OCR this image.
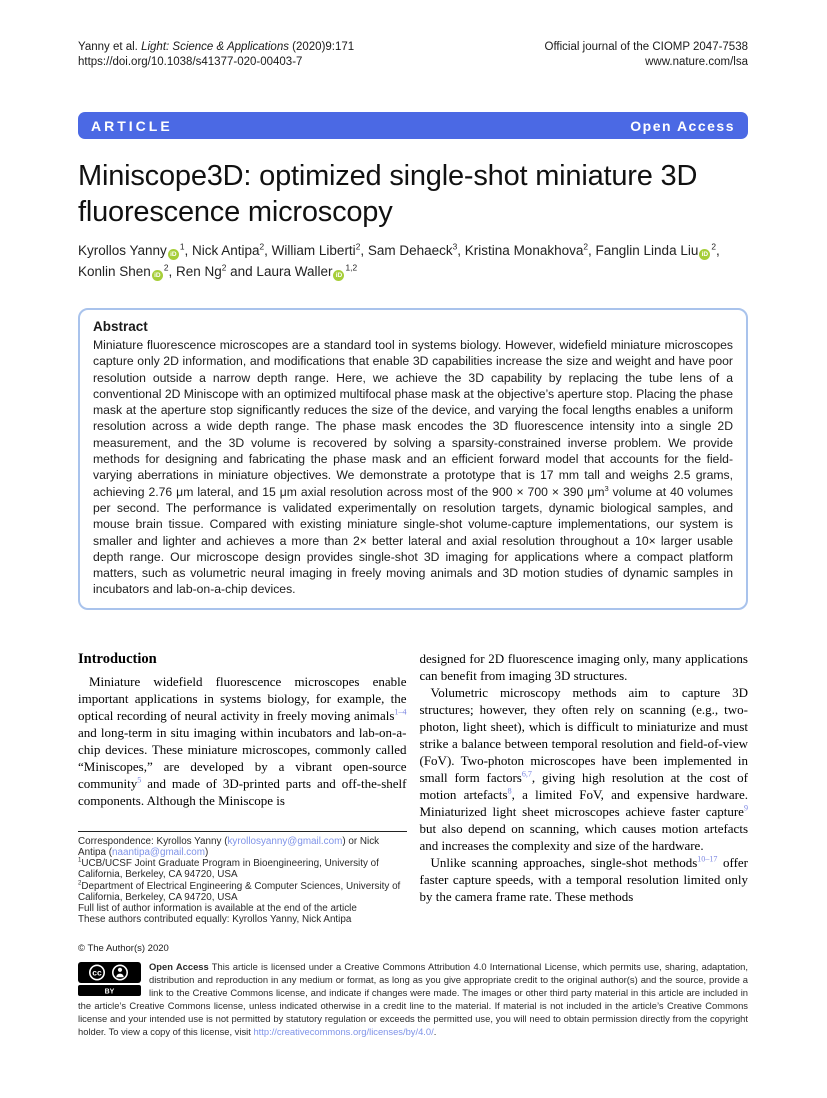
Yanny et al. Light: Science & Applications (2020)9:171
https://doi.org/10.1038/s41377-020-00403-7
Official journal of the CIOMP 2047-7538
www.nature.com/lsa
ARTICLE	Open Access
Miniscope3D: optimized single-shot miniature 3D fluorescence microscopy
Kyrollos Yanny $iD^1$, Nick Antipa$^2$, William Liberti$^2$, Sam Dehaeck$^3$, Kristina Monakhova$^2$, Fanglin Linda Liu $iD^2$, Konlin Shen $iD^2$, Ren Ng$^2$ and Laura Waller iD$^{1,2}$
Abstract
Miniature fluorescence microscopes are a standard tool in systems biology. However, widefield miniature microscopes capture only 2D information, and modifications that enable 3D capabilities increase the size and weight and have poor resolution outside a narrow depth range. Here, we achieve the 3D capability by replacing the tube lens of a conventional 2D Miniscope with an optimized multifocal phase mask at the objective’s aperture stop. Placing the phase mask at the aperture stop significantly reduces the size of the device, and varying the focal lengths enables a uniform resolution across a wide depth range. The phase mask encodes the 3D fluorescence intensity into a single 2D measurement, and the 3D volume is recovered by solving a sparsity-constrained inverse problem. We provide methods for designing and fabricating the phase mask and an efficient forward model that accounts for the field-varying aberrations in miniature objectives. We demonstrate a prototype that is 17 mm tall and weighs 2.5 grams, achieving 2.76 μm lateral, and 15 μm axial resolution across most of the 900 × 700 × 390 $\mu m^3$ volume at 40 volumes per second. The performance is validated experimentally on resolution targets, dynamic biological samples, and mouse brain tissue. Compared with existing miniature single-shot volume-capture implementations, our system is smaller and lighter and achieves a more than 2× better lateral and axial resolution throughout a 10× larger usable depth range. Our microscope design provides single-shot 3D imaging for applications where a compact platform matters, such as volumetric neural imaging in freely moving animals and 3D motion studies of dynamic samples in incubators and lab-on-a-chip devices.
Introduction

Miniature widefield fluorescence microscopes enable important applications in systems biology, for example, the optical recording of neural activity in freely moving animals$^{1-4}$ and long-term in situ imaging within incubators and lab-on-a-chip devices. These miniature microscopes, commonly called “Miniscopes,” are developed by a vibrant open-source community$^5$ and made of 3D-printed parts and off-the-shelf components. Although the Miniscope is

Correspondence: Kyrollos Yanny (kyrollosyanny@gmail.com) or Nick Antipa (naantipa@gmail.com)
$^1$UCB/UCSF Joint Graduate Program in Bioengineering, University of California, Berkeley, CA 94720, USA
$^2$Department of Electrical Engineering & Computer Sciences, University of California, Berkeley, CA 94720, USA
Full list of author information is available at the end of the article
These authors contributed equally: Kyrollos Yanny, Nick Antipa

designed for 2D fluorescence imaging only, many applications can benefit from imaging 3D structures.

Volumetric microscopy methods aim to capture 3D structures; however, they often rely on scanning (e.g., two-photon, light sheet), which is difficult to miniaturize and must strike a balance between temporal resolution and field-of-view (FoV). Two-photon microscopes have been implemented in small form factors$^{6,7}$, giving high resolution at the cost of motion artefacts$^8$, a limited FoV, and expensive hardware. Miniaturized light sheet microscopes achieve faster capture$^9$ but also depend on scanning, which causes motion artefacts and increases the complexity and size of the hardware.

Unlike scanning approaches, single-shot methods$^{10-17}$ offer faster capture speeds, with a temporal resolution limited only by the camera frame rate. These methods

© The Author(s) 2020
cc
BY
Open Access This article is licensed under a Creative Commons Attribution 4.0 International License, which permits use, sharing, adaptation, distribution and reproduction in any medium or format, as long as you give appropriate credit to the original author(s) and the source, provide a link to the Creative Commons license, and indicate if changes were made. The images or other third party material in this article are included in the article’s Creative Commons license, unless indicated otherwise in a credit line to the material. If material is not included in the article’s Creative Commons license and your intended use is not permitted by statutory regulation or exceeds the permitted use, you will need to obtain permission directly from the copyright holder. To view a copy of this license, visit http://creativecommons.org/licenses/by/4.0/.
